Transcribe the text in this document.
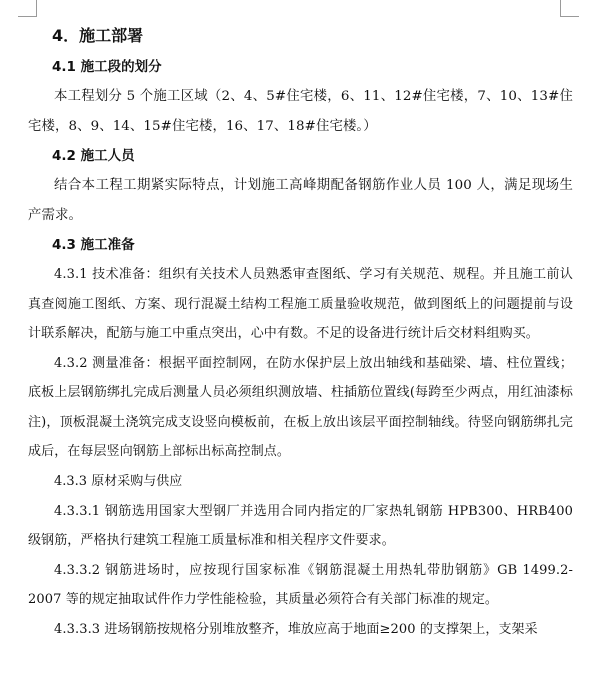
4．施工部署
4.1 施工段的划分

本工程划分 5 个施工区域（2、4、5#住宅楼，6、11、12#住宅楼，7、10、13#住宅楼，8、9、14、15#住宅楼，16、17、18#住宅楼。）

4.2 施工人员

结合本工程工期紧实际特点，计划施工高峰期配备钢筋作业人员 100 人，满足现场生产需求。

4.3 施工准备

4.3.1 技术准备：组织有关技术人员熟悉审查图纸、学习有关规范、规程。并且施工前认真查阅施工图纸、方案、现行混凝土结构工程施工质量验收规范，做到图纸上的问题提前与设计联系解决，配筋与施工中重点突出，心中有数。不足的设备进行统计后交材料组购买。

4.3.2 测量准备：根据平面控制网，在防水保护层上放出轴线和基础梁、墙、柱位置线；底板上层钢筋绑扎完成后测量人员必须组织测放墙、柱插筋位置线(每跨至少两点，用红油漆标注)，顶板混凝土浇筑完成支设竖向模板前，在板上放出该层平面控制轴线。待竖向钢筋绑扎完成后，在每层竖向钢筋上部标出标高控制点。

4.3.3 原材采购与供应

4.3.3.1 钢筋选用国家大型钢厂并选用合同内指定的厂家热轧钢筋 HPB300、HRB400级钢筋，严格执行建筑工程施工质量标准和相关程序文件要求。

4.3.3.2 钢筋进场时，应按现行国家标准《钢筋混凝土用热轧带肋钢筋》GB 1499.2-2007 等的规定抽取试件作力学性能检验，其质量必须符合有关部门标准的规定。

4.3.3.3 进场钢筋按规格分别堆放整齐，堆放应高于地面≥200 的支撑架上，支架采
